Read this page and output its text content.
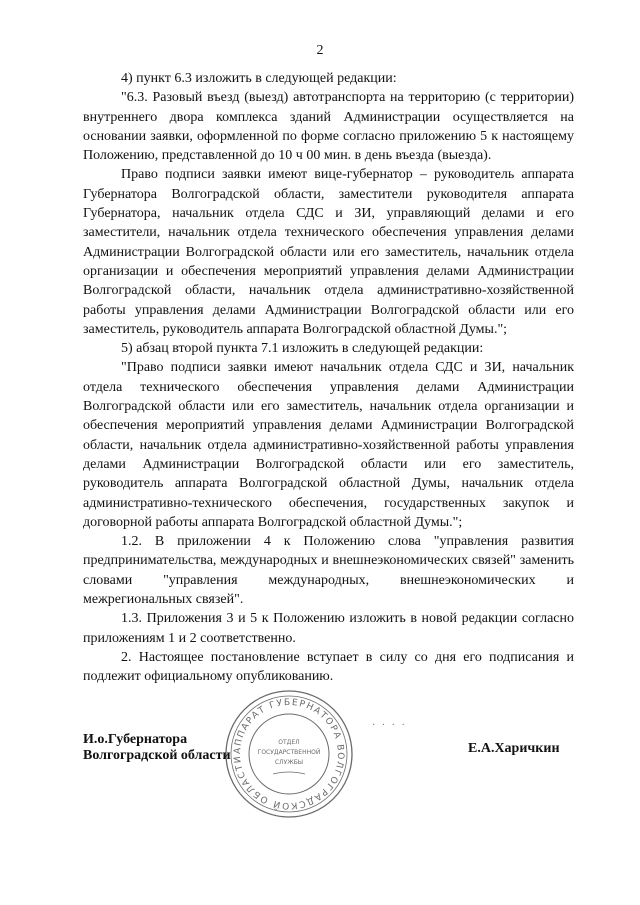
2

4) пункт 6.3 изложить в следующей редакции:

"6.3. Разовый въезд (выезд) автотранспорта на территорию (с территории) внутреннего двора комплекса зданий Администрации осуществляется на основании заявки, оформленной по форме согласно приложению 5 к настоящему Положению, представленной до 10 ч 00 мин. в день въезда (выезда).

Право подписи заявки имеют вице-губернатор – руководитель аппарата Губернатора Волгоградской области, заместители руководителя аппарата Губернатора, начальник отдела СДС и ЗИ, управляющий делами и его заместители, начальник отдела технического обеспечения управления делами Администрации Волгоградской области или его заместитель, начальник отдела организации и обеспечения мероприятий управления делами Администрации Волгоградской области, начальник отдела административно-хозяйственной работы управления делами Администрации Волгоградской области или его заместитель, руководитель аппарата Волгоградской областной Думы.";

5) абзац второй пункта 7.1 изложить в следующей редакции:

"Право подписи заявки имеют начальник отдела СДС и ЗИ, начальник отдела технического обеспечения управления делами Администрации Волгоградской области или его заместитель, начальник отдела организации и обеспечения мероприятий управления делами Администрации Волгоградской области, начальник отдела административно-хозяйственной работы управления делами Администрации Волгоградской области или его заместитель, руководитель аппарата Волгоградской областной Думы, начальник отдела административно-технического обеспечения, государственных закупок и договорной работы аппарата Волгоградской областной Думы.";

1.2. В приложении 4 к Положению слова "управления развития предпринимательства, международных и внешнеэкономических связей" заменить словами "управления международных, внешнеэкономических и межрегиональных связей".

1.3. Приложения 3 и 5 к Положению изложить в новой редакции согласно приложениям 1 и 2 соответственно.

2. Настоящее постановление вступает в силу со дня его подписания и подлежит официальному опубликованию.

· · · ·
АППАРАТ ГУБЕРНАТОРА ВОЛГОГРАДСКОЙ ОБЛАСТИ
ОТДЕЛ
ГОСУДАРСТВЕННОЙ
СЛУЖБЫ
И.о.Губернатора
Волгоградской области	Е.А.Харичкин
